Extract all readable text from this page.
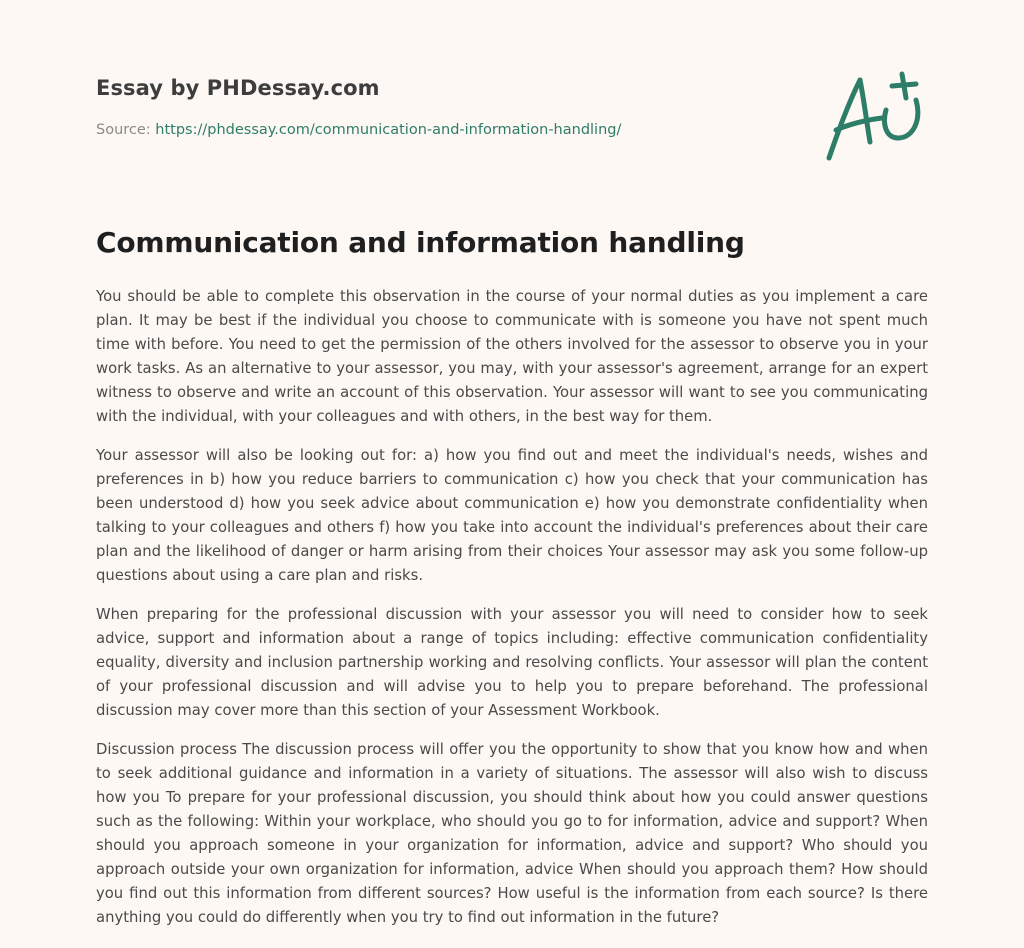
Essay by PHDessay.com
Source: https://phdessay.com/communication-and-information-handling/
Communication and information handling

You should be able to complete this observation in the course of your normal duties as you implement a care plan. It may be best if the individual you choose to communicate with is someone you have not spent much time with before. You need to get the permission of the others involved for the assessor to observe you in your work tasks. As an alternative to your assessor, you may, with your assessor's agreement, arrange for an expert witness to observe and write an account of this observation. Your assessor will want to see you communicating with the individual, with your colleagues and with others, in the best way for them.

Your assessor will also be looking out for: a) how you find out and meet the individual's needs, wishes and preferences in b) how you reduce barriers to communication c) how you check that your communication has been understood d) how you seek advice about communication e) how you demonstrate confidentiality when talking to your colleagues and others f) how you take into account the individual's preferences about their care plan and the likelihood of danger or harm arising from their choices Your assessor may ask you some follow-up questions about using a care plan and risks.

When preparing for the professional discussion with your assessor you will need to consider how to seek advice, support and information about a range of topics including: effective communication confidentiality equality, diversity and inclusion partnership working and resolving conflicts. Your assessor will plan the content of your professional discussion and will advise you to help you to prepare beforehand. The professional discussion may cover more than this section of your Assessment Workbook.

Discussion process The discussion process will offer you the opportunity to show that you know how and when to seek additional guidance and information in a variety of situations. The assessor will also wish to discuss how you To prepare for your professional discussion, you should think about how you could answer questions such as the following: Within your workplace, who should you go to for information, advice and support? When should you approach someone in your organization for information, advice and support? Who should you approach outside your own organization for information, advice When should you approach them? How should you find out this information from different sources? How useful is the information from each source? Is there anything you could do differently when you try to find out information in the future?
